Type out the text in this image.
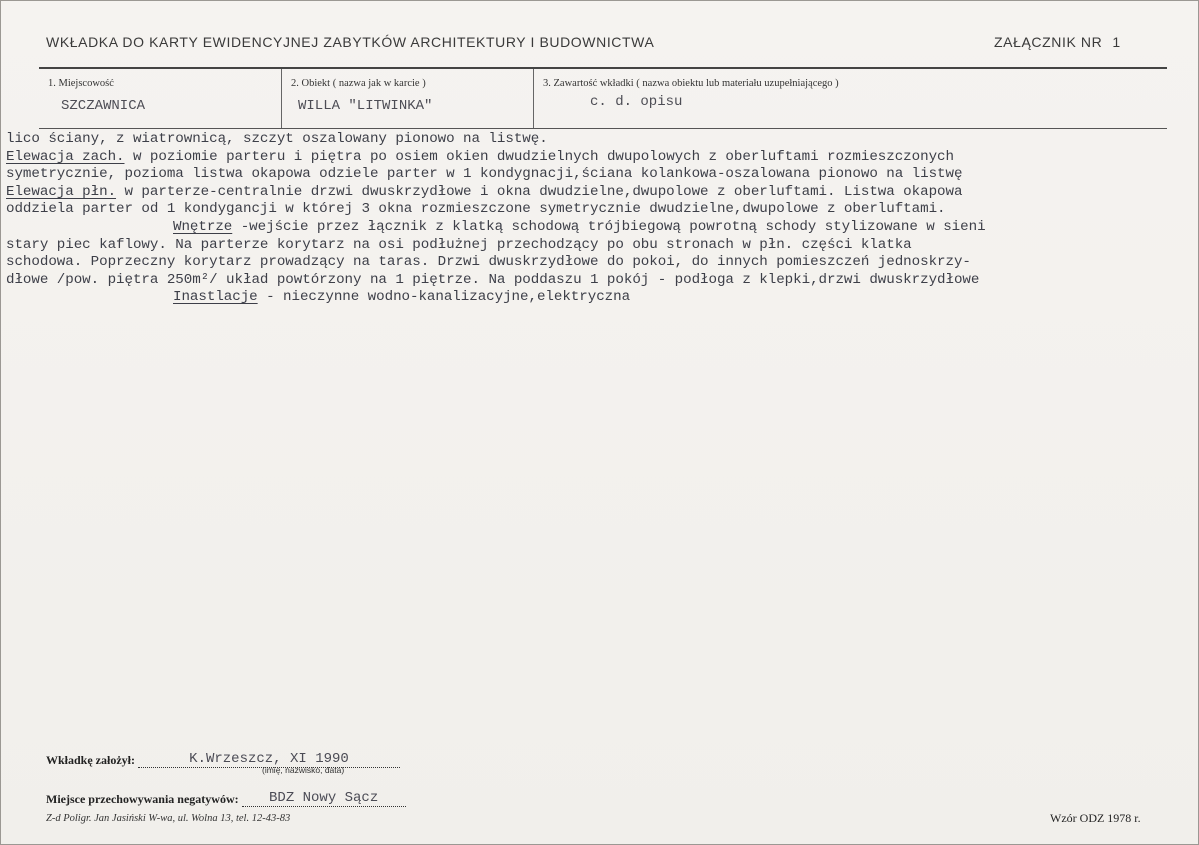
WKŁADKA DO KARTY EWIDENCYJNEJ ZABYTKÓW ARCHITEKTURY I BUDOWNICTWA	ZAŁĄCZNIK NR 1
1. Miejscowość
SZCZAWNICA
2. Obiekt ( nazwa jak w karcie )
WILLA "LITWINKA"
3. Zawartość wkładki ( nazwa obiektu lub materiału uzupełniającego )
c. d. opisu
lico ściany, z wiatrownicą, szczyt oszalowany pionowo na listwę.
Elewacja zach. w poziomie parteru i piętra po osiem okien dwudzielnych dwupolowych z oberluftami rozmieszczonych
symetrycznie, pozioma listwa okapowa odziele parter w 1 kondygnacji,ściana kolankowa-oszalowana pionowo na listwę
Elewacja płn. w parterze-centralnie drzwi dwuskrzydłowe i okna dwudzielne,dwupolowe z oberluftami. Listwa okapowa
oddziela parter od 1 kondygancji w której 3 okna rozmieszczone symetrycznie dwudzielne,dwupolowe z oberluftami.
Wnętrze -wejście przez łącznik z klatką schodową trójbiegową powrotną schody stylizowane w sieni
stary piec kaflowy. Na parterze korytarz na osi podłużnej przechodzący po obu stronach w płn. części klatka
schodowa. Poprzeczny korytarz prowadzący na taras. Drzwi dwuskrzydłowe do pokoi, do innych pomieszczeń jednoskrzy-
dłowe /pow. piętra 250m²/ układ powtórzony na 1 piętrze. Na poddaszu 1 pokój - podłoga z klepki,drzwi dwuskrzydłowe
Inastlacje - nieczynne wodno-kanalizacyjne,elektryczna
Wkładkę założył:	K.Wrzeszcz, XI 1990
(imię, nazwisko, data)
Miejsce przechowywania negatywów: BDZ Nowy Sącz
Z-d Poligr. Jan Jasiński W-wa, ul. Wolna 13, tel. 12-43-83	Wzór ODZ 1978 r.
